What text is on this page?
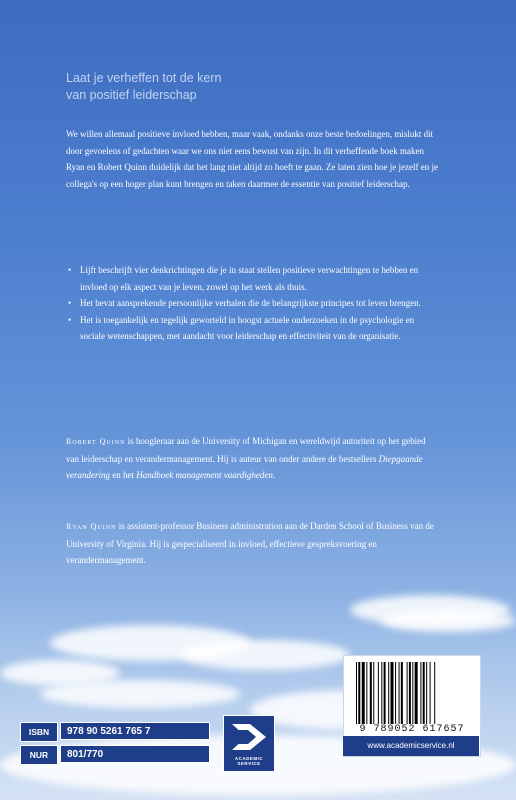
Laat je verheffen tot de kern
van positief leiderschap
We willen allemaal positieve invloed hebben, maar vaak, ondanks onze beste bedoelingen, mislukt dit door gevoelens of gedachten waar we ons niet eens bewust van zijn. In dit verheffende boek maken Ryan en Robert Quinn duidelijk dat het lang niet altijd zo hoeft te gaan. Ze laten zien hoe je jezelf en je collega's op een hoger plan kunt brengen en taken daarmee de essentie van positief leiderschap.
• Lijft beschrijft vier denkrichtingen die je in staat stellen positieve verwachtingen te hebben en invloed op elk aspect van je leven, zowel op het werk als thuis.
• Het bevat aansprekende persoonlijke verhalen die de belangrijkste principes tot leven brengen.
• Het is toegankelijk en tegelijk geworteld in hoogst actuele onderzoeken in de psychologie en sociale wetenschappen, met aandacht voor leiderschap en effectiviteit van de organisatie.
Robert Quinn is hoogleraar aan de University of Michigan en wereldwijd autoriteit op het gebied van leiderschap en verandermanagement. Hij is auteur van onder andere de bestsellers Diepgaande verandering en het Handboek management vaardigheden.
Ryan Quinn is assistent-professor Business administration aan de Darden School of Business van de University of Virginia. Hij is gespecialiseerd in invloed, effectieve gespreksvoering en verandermanagement.
ISBN	978 90 5261 765 7
NUR	801/770	ACADEMIC SERVICE
9 789052 617657
www.academicservice.nl
